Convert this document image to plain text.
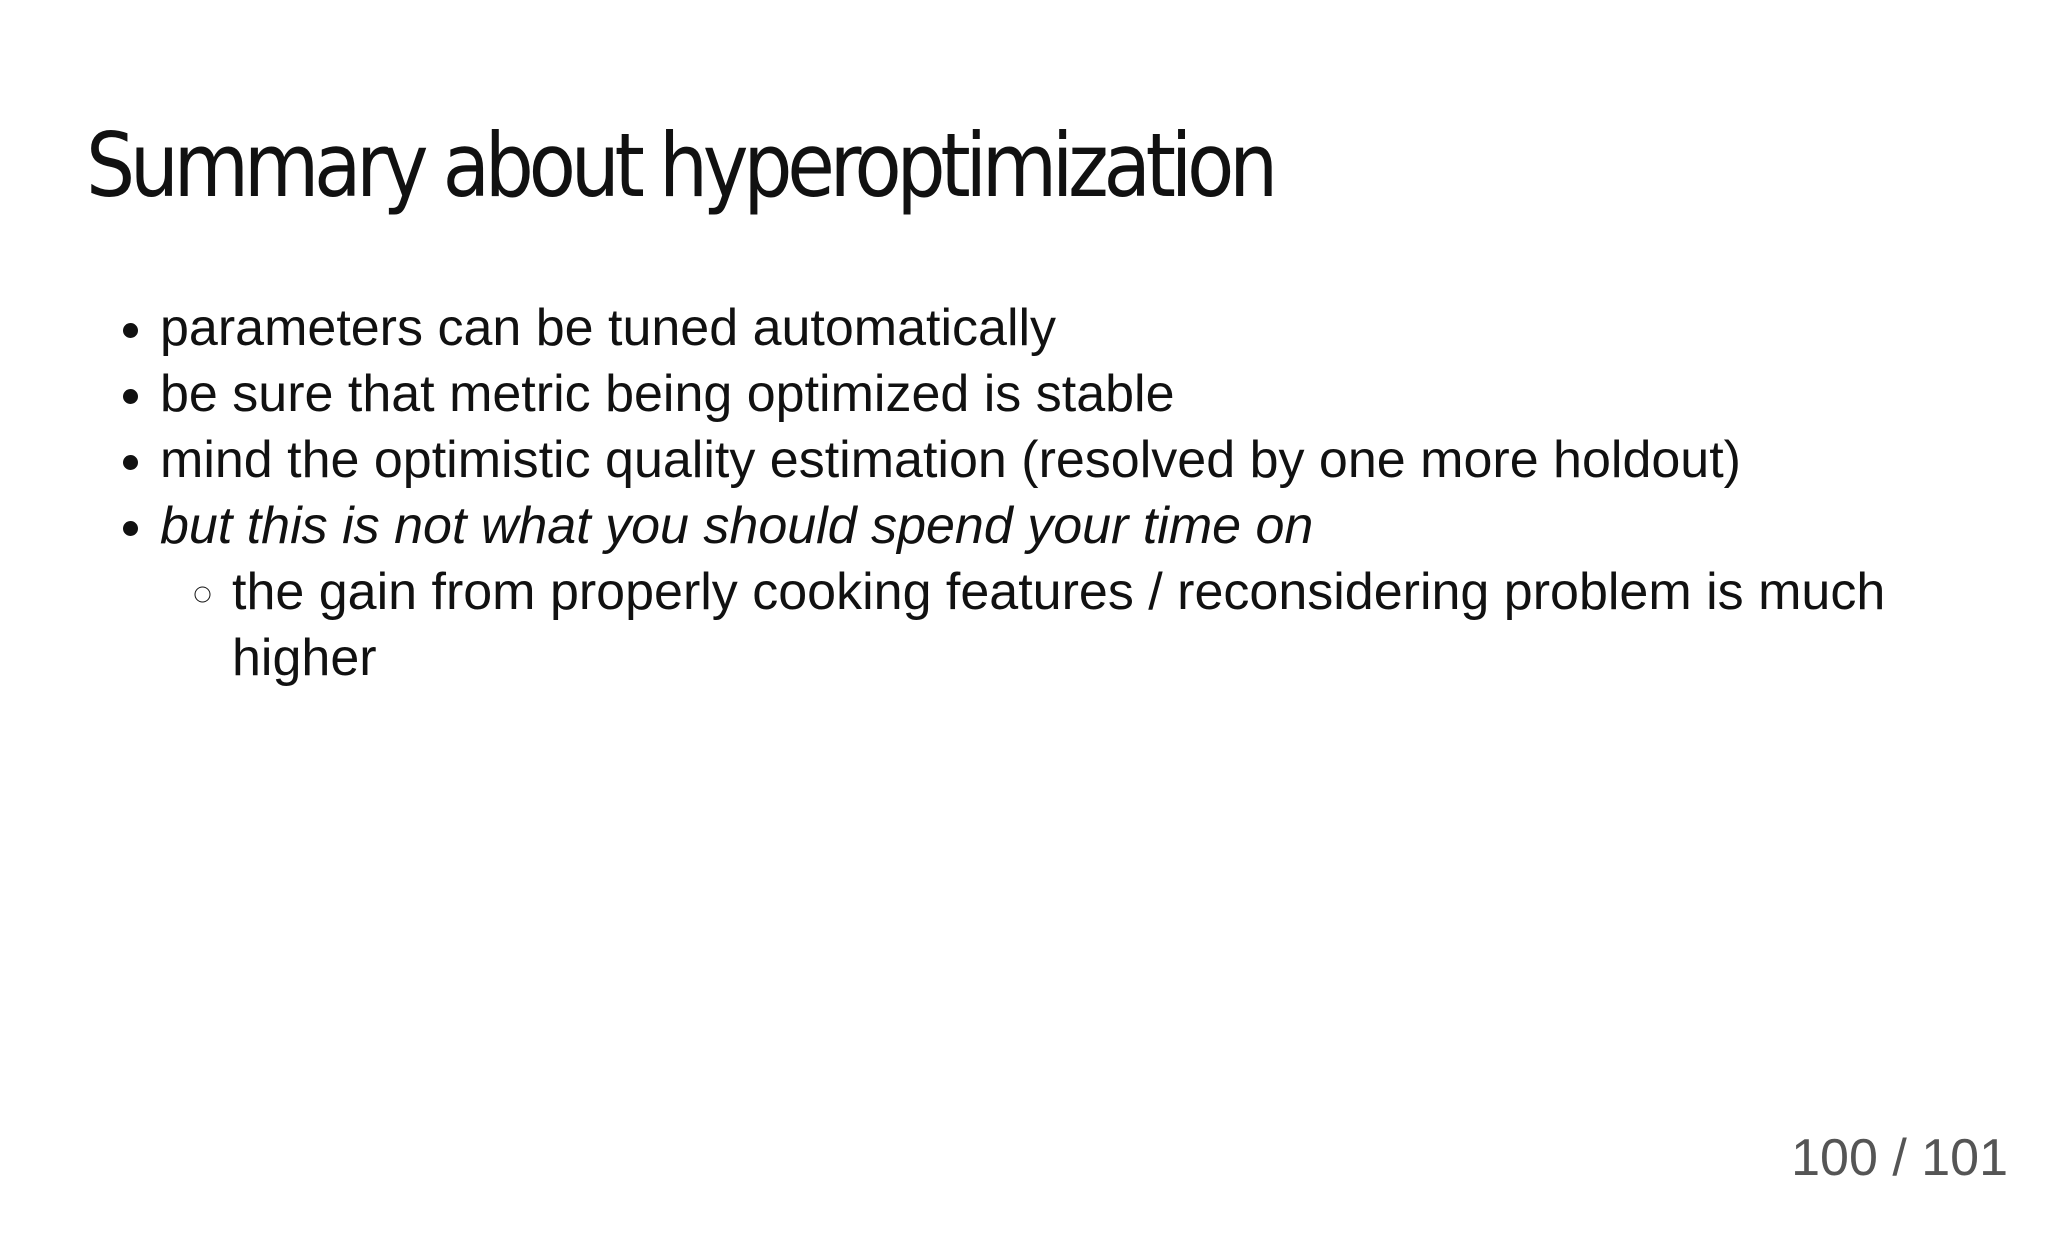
Summary about hyperoptimization
• parameters can be tuned automatically
• be sure that metric being optimized is stable
• mind the optimistic quality estimation (resolved by one more holdout)
• but this is not what you should spend your time on
◦ the gain from properly cooking features / reconsidering problem is much higher
100 / 101
